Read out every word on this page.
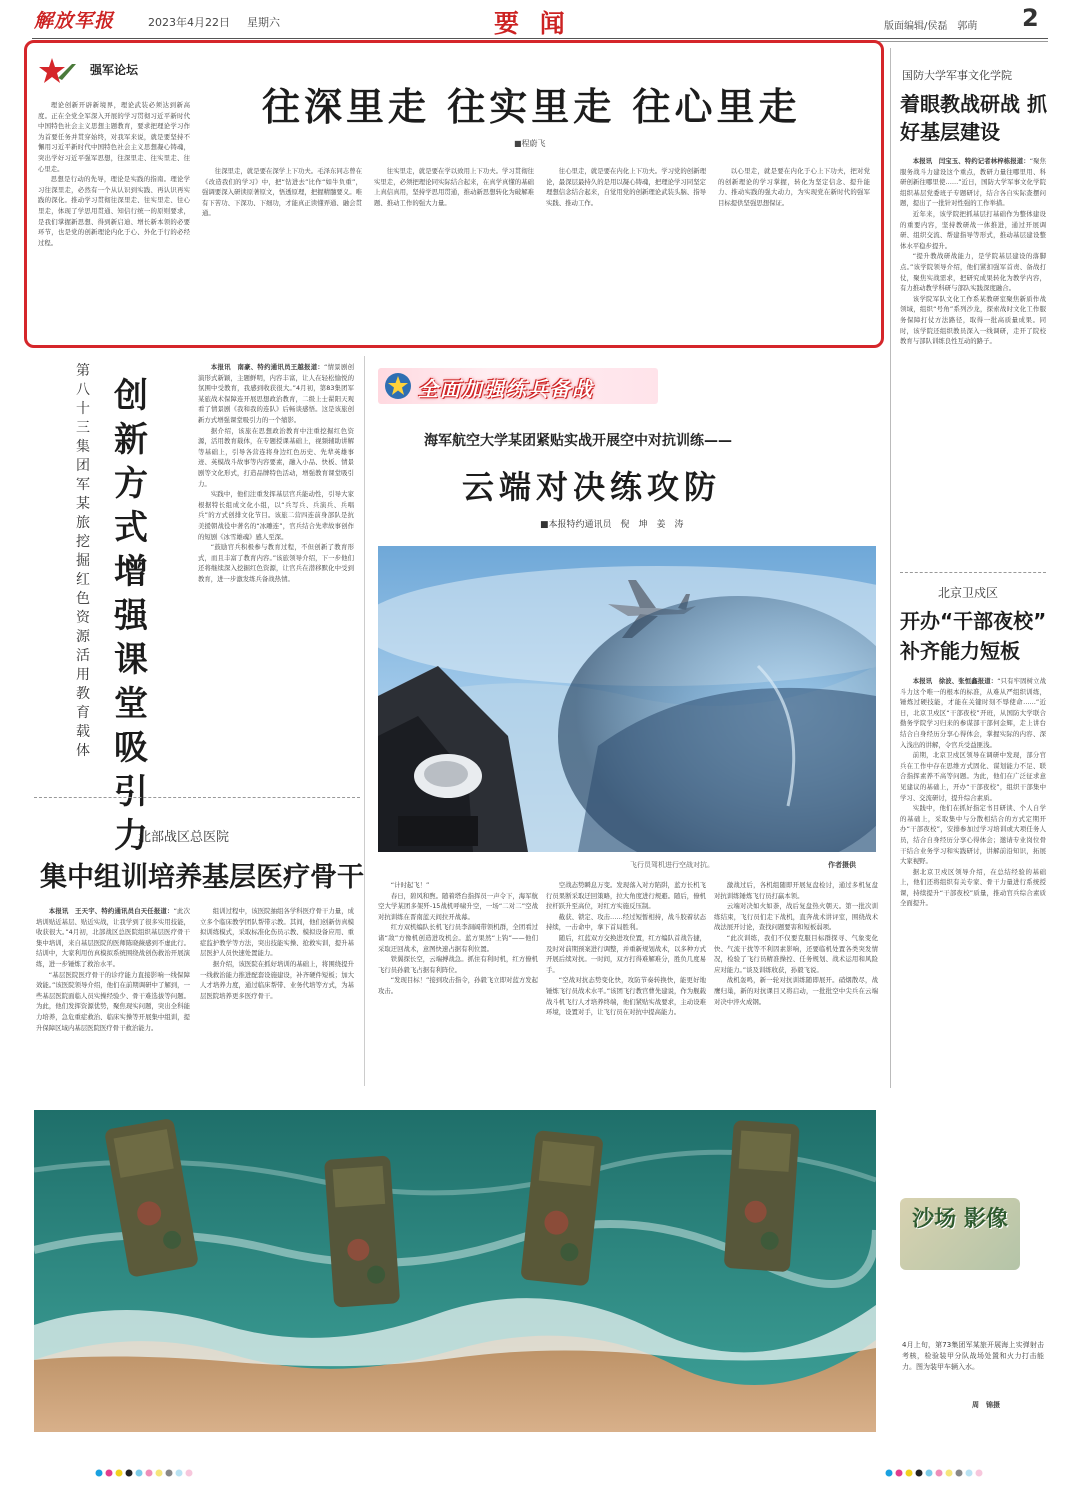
解放军报	2023年4月22日 星期六	要 闻	版面编辑/侯磊　郭萌 2
强军论坛
往深里走 往实里走 往心里走
■程蔚飞

理论创新开辟新境界，理论武装必须达到新高度。正在全党全军深入开展的学习贯彻习近平新时代中国特色社会主义思想主题教育，要求把理论学习作为首要任务并贯穿始终，对我军来说，就是要坚持不懈用习近平新时代中国特色社会主义思想凝心铸魂，突出学好习近平强军思想，往深里走、往实里走、往心里走。

思想是行动的先导，理论是实践的指南。理论学习往深里走，必然有一个从认识到实践、再认识再实践的深化。推动学习贯彻往深里走、往实里走、往心里走，体现了学思用贯通、知信行统一的原则要求，是我们掌握新思想、得到新启迪、增长新本领的必要环节，也是党的创新理论内化于心、外化于行的必经过程。

往深里走，就是要在深学上下功夫。毛泽东同志曾在《改造我们的学习》中，把“钻进去”比作“如牛负重”，强调要深入研读原著原文，悟透原理，把握精髓要义。唯有下苦功、下深功、下细功，才能真正读懂弄通、融会贯通。

往实里走，就是要在学以致用上下功夫。学习贯彻往实里走，必须把理论同实际结合起来，在真学真懂的基础上真信真用，坚持学思用贯通，推动新思想转化为破解难题、推动工作的强大力量。

往心里走，就是要在内化上下功夫。学习党的创新理论，最深层最持久的是用以凝心铸魂，把理论学习同坚定理想信念结合起来，自觉用党的创新理论武装头脑、指导实践、推动工作。

以心里走，就是要在内化于心上下功夫，把对党的创新理论的学习掌握，转化为坚定信念、提升能力、推动实践的强大动力，为实现党在新时代的强军目标提供坚强思想保证。

国防大学军事文化学院
着眼教战研战 抓好基层建设

本报讯　闫宝玉、特约记者林梓栋报道：“聚焦服务战斗力建设这个重点，教研力量往哪里用、科研创新往哪里使……”近日，国防大学军事文化学院组织基层党委班子专题研讨，结合各自实际查摆问题，提出了一批针对性强的工作举措。

近年来，该学院把抓基层打基础作为整体建设的重要内容，坚持教研战一体推进，通过开展调研、组织交流、帮建指导等形式，推动基层建设整体水平稳步提升。

“提升教战研战能力，是学院基层建设的落脚点。”该学院领导介绍，他们紧扣强军首责、备战打仗，聚焦实战需求，把研究成果转化为教学内容，有力推动教学科研与部队实践深度融合。

该学院军队文化工作系某教研室聚焦新质作战领域，组织“号角”系列沙龙，探索战时文化工作服务保障打仗方法路径，取得一批高质量成果。同时，该学院还组织教员深入一线调研，走开了院校教育与部队训练良性互动的路子。

第八十三集团军某旅挖掘红色资源活用教育载体
创新方式增强课堂吸引力

本报讯　南豪、特约通讯员王越报道：“情景剧创演形式新颖，主题鲜明，内容丰富，让人在轻松愉悦的氛围中受教育，我感到收获很大。”4月初，第83集团军某旅战术保障连开展思想政治教育，二级上士翟阳天观看了情景剧《我和我的连队》后畅谈感悟。这是该旅创新方式增强课堂吸引力的一个缩影。

据介绍，该旅在思想政治教育中注重挖掘红色资源，活用教育载体，在专题授课基础上，视频辅助讲解等基础上，引导各营连将身边红色历史、先辈英雄事迹、英模战斗故事等内容要素，融入小品、快板、情景剧等文化形式，打造品牌特色活动，增强教育课堂吸引力。

实践中，他们注重发挥基层官兵能动性，引导大家根据特长组成文化小组，以“兵写兵、兵演兵、兵唱兵”的方式创排文化节目。该旅二营四连前身部队是抗美援朝战役中著名的“冰雕连”，官兵结合先辈故事创作的短剧《冰雪雄魂》感人至深。

“鼓励官兵积极参与教育过程，不但创新了教育形式，而且丰富了教育内容。”该旅领导介绍，下一步他们还将继续深入挖掘红色资源，让官兵在潜移默化中受到教育，进一步激发练兵备战热情。

全面加强练兵备战
海军航空大学某团紧贴实战开展空中对抗训练——
云端对决练攻防
■本报特约通讯员　倪　坤　姜　涛
飞行员驾机进行空战对抗。	作者摄供

“计时起飞！”

春日，碧风和煦。随着塔台指挥员一声令下，海军航空大学某团多架歼-15战机呼啸升空，一场“二对二”空战对抗训练在晋南蓝天间拉开战幕。

红方双机编队长机飞行员李洞阔带领机群，全团看过诸“敌”方像机创造进攻机会。蓝方果然“上钩”——他们采取迂回战术，意图快速占据有利位置。

铁翼探长空，云端搏战急。抓住有利时机，红方僚机飞行员孙毅飞占据有利阵位。

“发现目标！”接到攻击指令，孙毅飞立即对蓝方发起攻击。

空战态势瞬息万变。发现落入对方陷阱，蓝方长机飞行员果断采取迂回策略，拉大角度进行规避。随后，僚机拉杆跃升至高位，对红方实施反压制。

截获、锁定、攻击……经过短暂相持，战斗胶着状态持续，一击命中，拿下首局胜利。

随后，红蓝双方交换进攻位置，红方编队首战告捷，及时对前期预案进行调整，并重新规划战术，以多种方式开展后续对抗。一时间，双方打得难解难分，胜负几度易手。

“空战对抗态势变化快，攻防节奏转换快，能更好地锤炼飞行员战术水平。”该团飞行教官曹先建说，作为舰载战斗机飞行人才培养终端，他们紧贴实战要求，主动设难环境，设置对手，让飞行员在对抗中提高能力。

激战过后，各机组随即开展复盘检讨，通过多机复盘对抗训练锤炼飞行员打赢本领。

云端对决如火如荼，战后复盘热火朝天。第一批次训练结束，飞行员们走下战机，直奔战术讲评室，围绕战术战法展开讨论，查找问题要害和短板弱项。

“此次训练，我们不仅要克服目标群探寻、气象变化快、气流干扰等不利因素影响，还要临机处置各类突发情况，检验了飞行员精准操控、任务规划、战术运用和风险应对能力。”谈及训练收获，孙毅飞说。

战机轰鸣，新一轮对抗训练随即展开。硝烟散尽，战鹰归巢，新的对抗课目又将启动，一批批空中尖兵在云端对决中淬火成钢。

北部战区总医院
集中组训培养基层医疗骨干

本报讯　王天宇、特约通讯员白天任报道：“此次培训贴近基层、贴近实战，让我学到了很多实用技能，收获很大。”4月初，北部战区总医院组织基层医疗骨干集中培训，来自基层医院的医师陈晓薇感到不虚此行。结训中，大家利用仿真模拟系统围绕战创伤救治开展演练，进一步锤炼了救治水平。

“基层医院医疗骨干的诊疗能力直接影响一线保障效能。”该医院领导介绍，他们在前期调研中了解到，一些基层医院面临人员实操经验少、骨干难选拔等问题。为此，他们发挥资源优势，聚焦现实问题，突出全科能力培养，急危重症救治、临床实操等开展集中组训，提升保障区域内基层医院医疗骨干救治能力。

组训过程中，该医院抽组各学科医疗骨干力量，成立多个临床教学团队帮带示教。其间，他们创新仿真模拟训练模式，采取标准化伤员示教、模拟设备应用、重症监护教学等方法，突出技能实操、抢救实训，提升基层医护人员快速处置能力。

据介绍，该医院在抓好培训的基础上，将围绕提升一线救治能力推进配套设施建设，补齐硬件短板；加大人才培养力度，通过临床帮带、业务代培等方式，为基层医院培养更多医疗骨干。

北京卫戍区
开办“干部夜校” 补齐能力短板

本报讯　徐波、张恒鑫报道：“只有牢固树立战斗力这个唯一的根本的标准，从难从严组织训练，锤炼过硬技能，才能在关键时刻不辱使命……”近日，北京卫戍区“干部夜校”开班，从国防大学联合勤务学院学习归来的参谋部干部何金辉，走上讲台结合自身经历分享心得体会，掌握实际的内容、深入浅出的讲解，令官兵受益匪浅。

前期，北京卫戍区领导在调研中发现，部分官兵在工作中存在思维方式固化、谋划能力不足、联合指挥素养不高等问题。为此，他们在广泛征求意见建议的基础上，开办“干部夜校”，组织干部集中学习、交流研讨，提升综合素质。

实践中，他们在抓好指定书目研读、个人自学的基础上，采取集中与分散相结合的方式定期开办“干部夜校”，安排参加过学习培训或大项任务人员，结合自身经历分享心得体会；邀请专业岗位骨干结合业务学习和实践研讨，讲解前沿知识，拓展大家视野。

据北京卫戍区领导介绍，在总结经验的基础上，他们还将组织有关专家、骨干力量进行系统授课，持续提升“干部夜校”质量，推动官兵综合素质全面提升。

沙场 影像
4月上旬，第73集团军某旅开展海上实弹射击考核，检验装甲分队战场处置和火力打击能力。图为装甲车辆入水。
周　锦摄
